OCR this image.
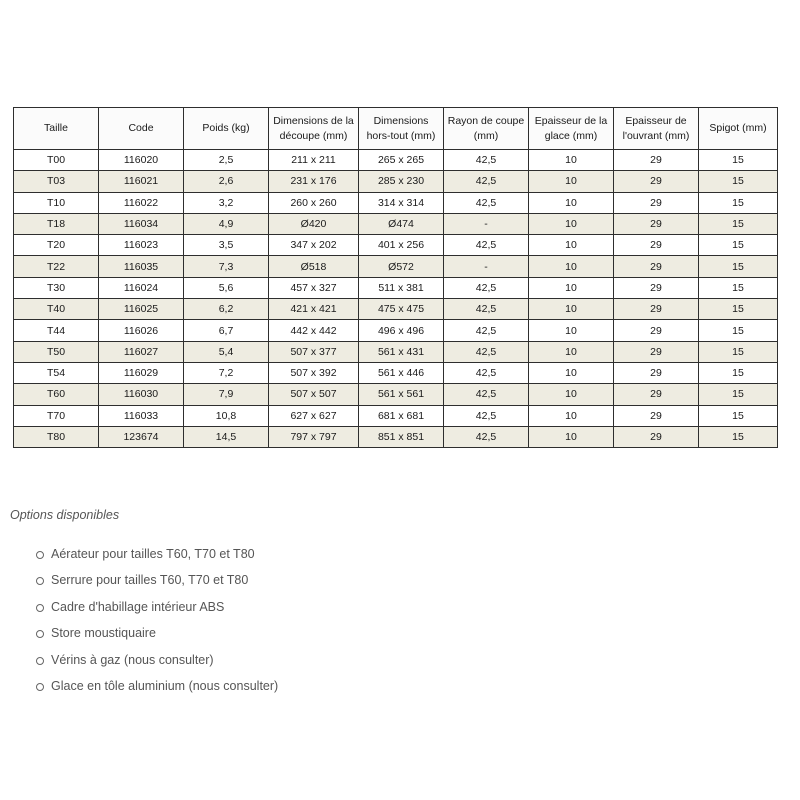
Taille	Code	Poids (kg)	Dimensions de la découpe (mm)	Dimensions hors-tout (mm)	Rayon de coupe (mm)	Epaisseur de la glace (mm)	Epaisseur de l'ouvrant (mm)	Spigot (mm)
T00	116020	2,5	211 x 211	265 x 265	42,5	10	29	15
T03	116021	2,6	231 x 176	285 x 230	42,5	10	29	15
T10	116022	3,2	260 x 260	314 x 314	42,5	10	29	15
T18	116034	4,9	Ø420	Ø474	-	10	29	15
T20	116023	3,5	347 x 202	401 x 256	42,5	10	29	15
T22	116035	7,3	Ø518	Ø572	-	10	29	15
T30	116024	5,6	457 x 327	511 x 381	42,5	10	29	15
T40	116025	6,2	421 x 421	475 x 475	42,5	10	29	15
T44	116026	6,7	442 x 442	496 x 496	42,5	10	29	15
T50	116027	5,4	507 x 377	561 x 431	42,5	10	29	15
T54	116029	7,2	507 x 392	561 x 446	42,5	10	29	15
T60	116030	7,9	507 x 507	561 x 561	42,5	10	29	15
T70	116033	10,8	627 x 627	681 x 681	42,5	10	29	15
T80	123674	14,5	797 x 797	851 x 851	42,5	10	29	15
Options disponibles
Aérateur pour tailles T60, T70 et T80
Serrure pour tailles T60, T70 et T80
Cadre d'habillage intérieur ABS
Store moustiquaire
Vérins à gaz (nous consulter)
Glace en tôle aluminium (nous consulter)
